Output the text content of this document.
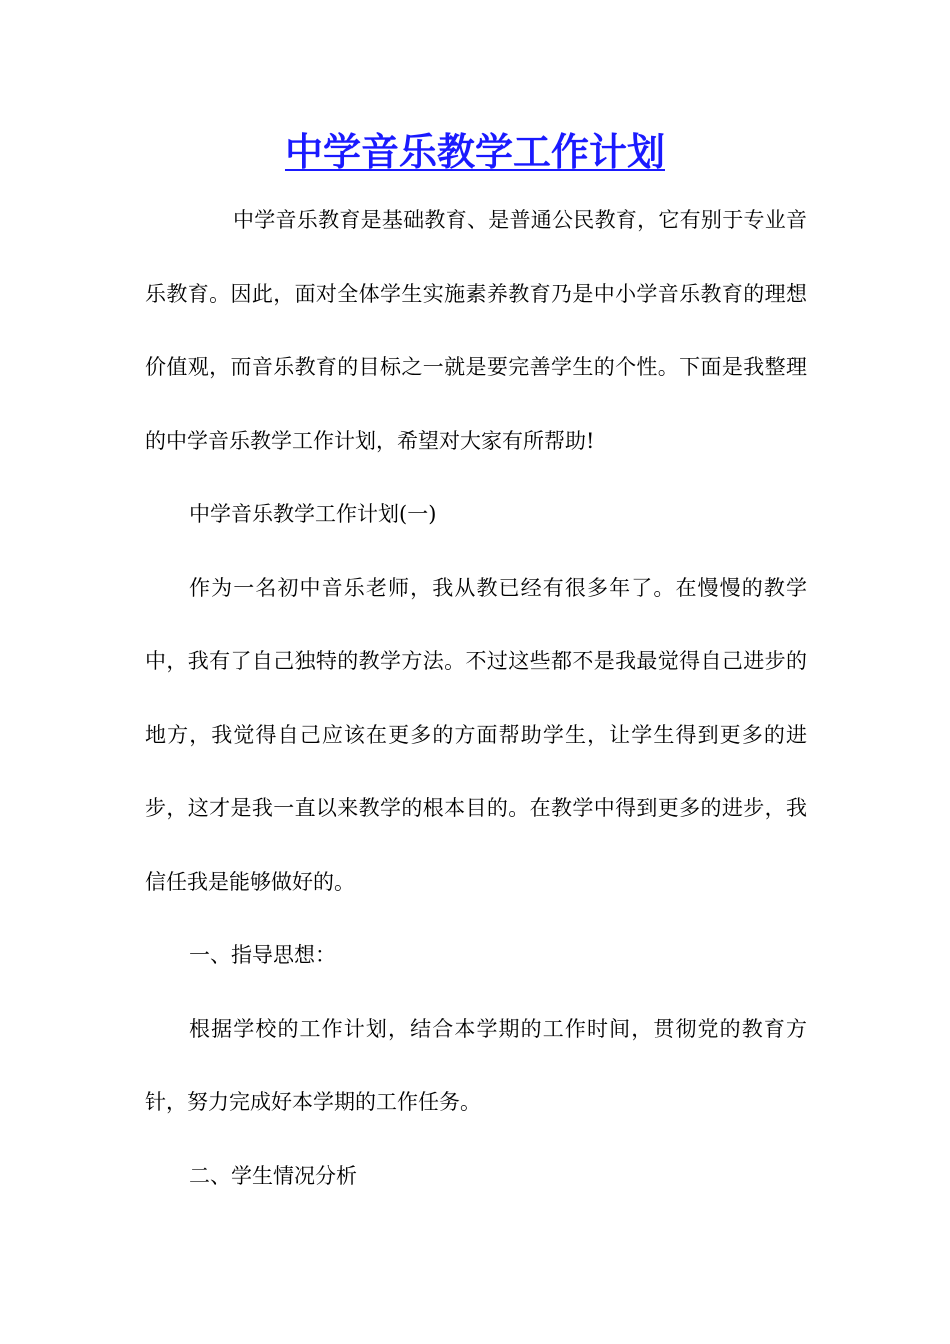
中学音乐教学工作计划

中学音乐教育是基础教育、是普通公民教育，它有别于专业音乐教育。因此，面对全体学生实施素养教育乃是中小学音乐教育的理想价值观，而音乐教育的目标之一就是要完善学生的个性。下面是我整理的中学音乐教学工作计划，希望对大家有所帮助!

中学音乐教学工作计划(一)

作为一名初中音乐老师，我从教已经有很多年了。在慢慢的教学中，我有了自己独特的教学方法。不过这些都不是我最觉得自己进步的地方，我觉得自己应该在更多的方面帮助学生，让学生得到更多的进步，这才是我一直以来教学的根本目的。在教学中得到更多的进步，我信任我是能够做好的。

一、指导思想：

根据学校的工作计划，结合本学期的工作时间，贯彻党的教育方针，努力完成好本学期的工作任务。

二、学生情况分析
